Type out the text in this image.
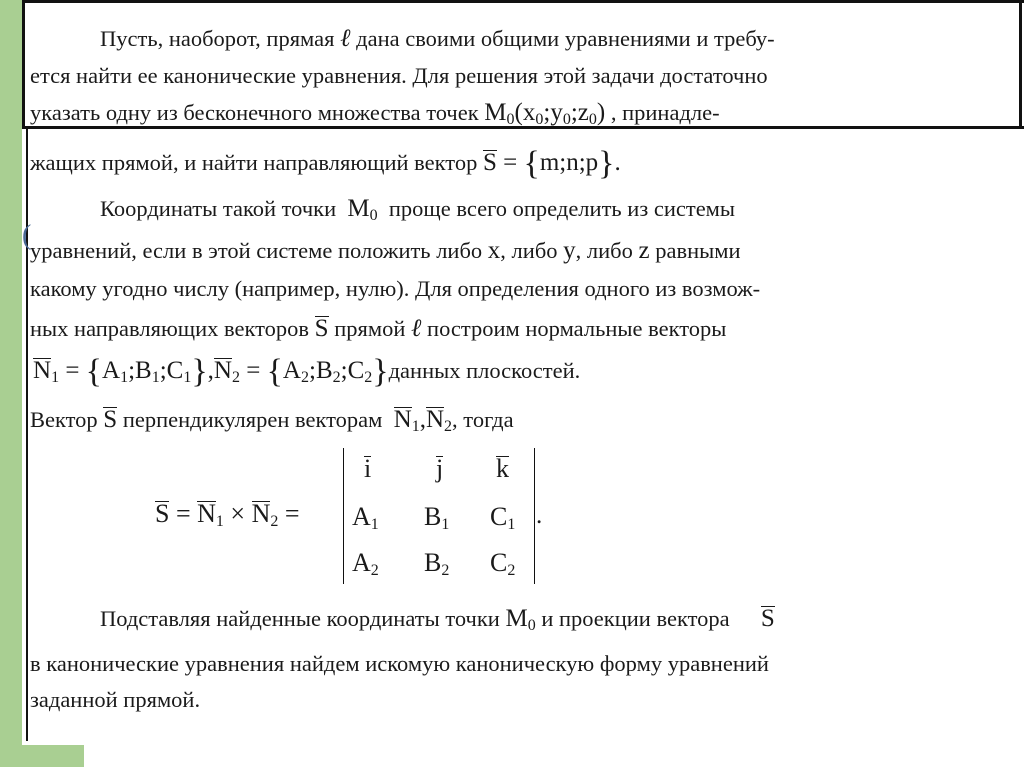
(
Пусть, наоборот, прямая ℓ дана своими общими уравнениями и требу-
ется найти ее канонические уравнения. Для решения этой задачи достаточно
указать одну из бесконечного множества точек $M_0(x_0;y_0;z_0)$ , принадле-
жащих прямой, и найти направляющий вектор S = {m;n;p}.
Координаты такой точки $M_0$ проще всего определить из системы
уравнений, если в этой системе положить либо x, либо y, либо z равными
какому угодно числу (например, нулю). Для определения одного из возмож-
ных направляющих векторов S прямой ℓ построим нормальные векторы
$N_1$ = $\{A_1;B_1;C_1\},N_2$ = $\{A_2;B_2;C_2\}данных$ плоскостей.
Вектор S перпендикулярен векторам $N_1,N_2$, тогда
$S = N_1 \times N_2$ =
i j k
$A_1$ $B_1$ $C_1$
$A_2$ $B_2$ $C_2$
.
Подставляя найденные координаты точки $M_0$ и проекции вектора S
в канонические уравнения найдем искомую каноническую форму уравнений
заданной прямой.
